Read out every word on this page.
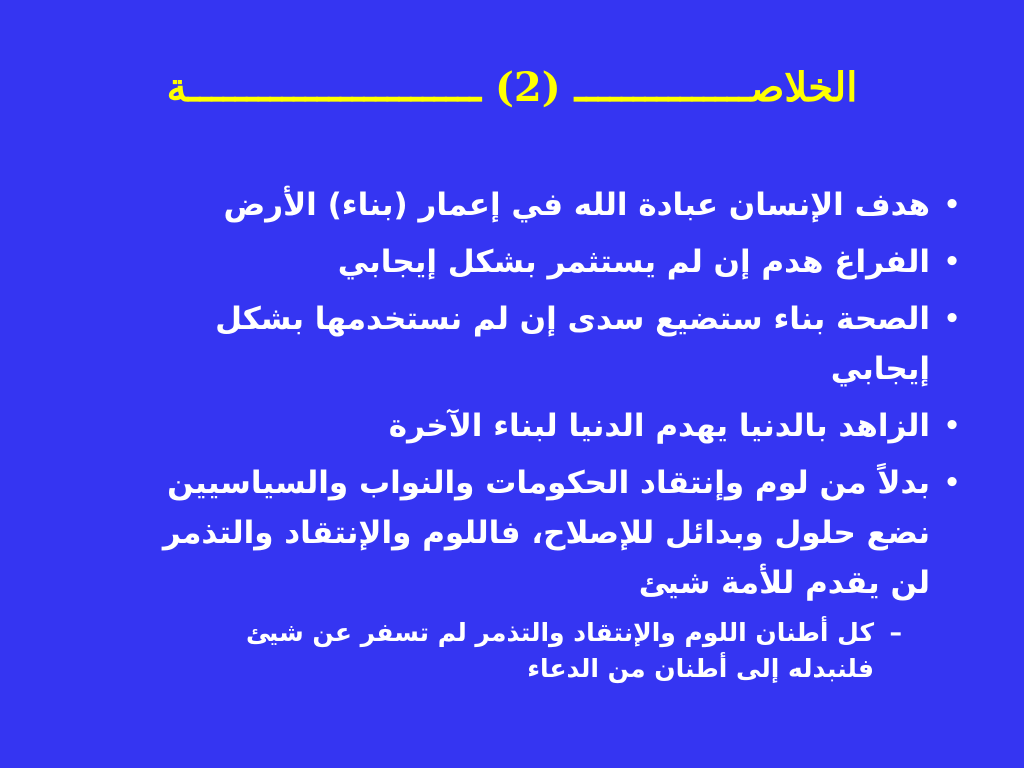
الخلاصـــــــــــــــ (2) ـــــــــــــــــــــــــة
•
هدف الإنسان عبادة الله في إعمار (بناء) الأرض
•
الفراغ هدم إن لم يستثمر بشكل إيجابي
•
الصحة بناء ستضيع سدى إن لم نستخدمها بشكل إيجابي
•
الزاهد بالدنيا يهدم الدنيا لبناء الآخرة
•
بدلاً من لوم وإنتقاد الحكومات والنواب والسياسيين نضع حلول وبدائل للإصلاح، فاللوم والإنتقاد والتذمر لن يقدم للأمة شيئ
–
كل أطنان اللوم والإنتقاد والتذمر لم تسفر عن شيئ فلنبدله إلى أطنان من الدعاء
